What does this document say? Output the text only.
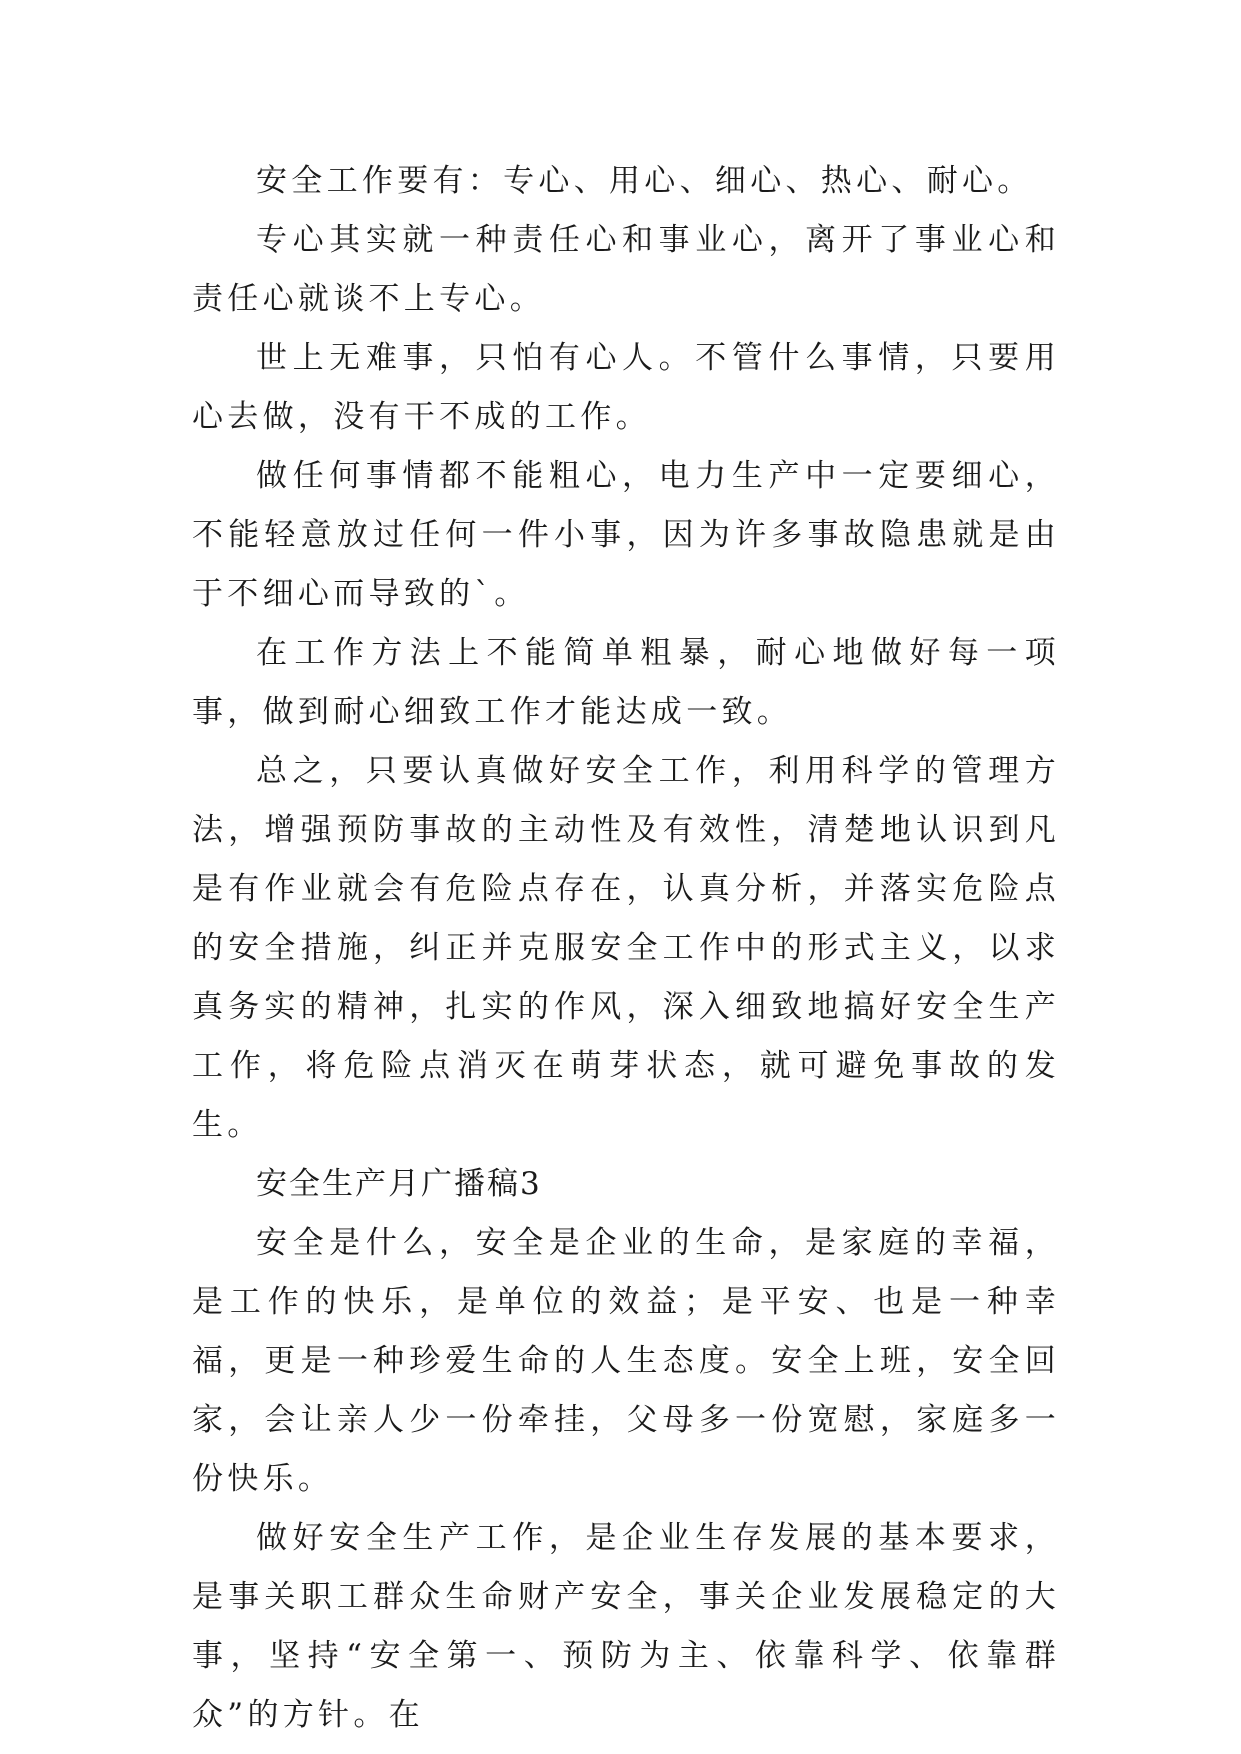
安全工作要有：专心、用心、细心、热心、耐心。

专心其实就一种责任心和事业心，离开了事业心和责任心就谈不上专心。

世上无难事，只怕有心人。不管什么事情，只要用心去做，没有干不成的工作。

做任何事情都不能粗心，电力生产中一定要细心，不能轻意放过任何一件小事，因为许多事故隐患就是由于不细心而导致的`。

在工作方法上不能简单粗暴，耐心地做好每一项事，做到耐心细致工作才能达成一致。

总之，只要认真做好安全工作，利用科学的管理方法，增强预防事故的主动性及有效性，清楚地认识到凡是有作业就会有危险点存在，认真分析，并落实危险点的安全措施，纠正并克服安全工作中的形式主义，以求真务实的精神，扎实的作风，深入细致地搞好安全生产工作，将危险点消灭在萌芽状态，就可避免事故的发生。

安全生产月广播稿3

安全是什么，安全是企业的生命，是家庭的幸福，是工作的快乐，是单位的效益；是平安、也是一种幸福，更是一种珍爱生命的人生态度。安全上班，安全回家，会让亲人少一份牵挂，父母多一份宽慰，家庭多一份快乐。

做好安全生产工作，是企业生存发展的基本要求，是事关职工群众生命财产安全，事关企业发展稳定的大事，坚持“安全第一、预防为主、依靠科学、依靠群众”的方针。在
